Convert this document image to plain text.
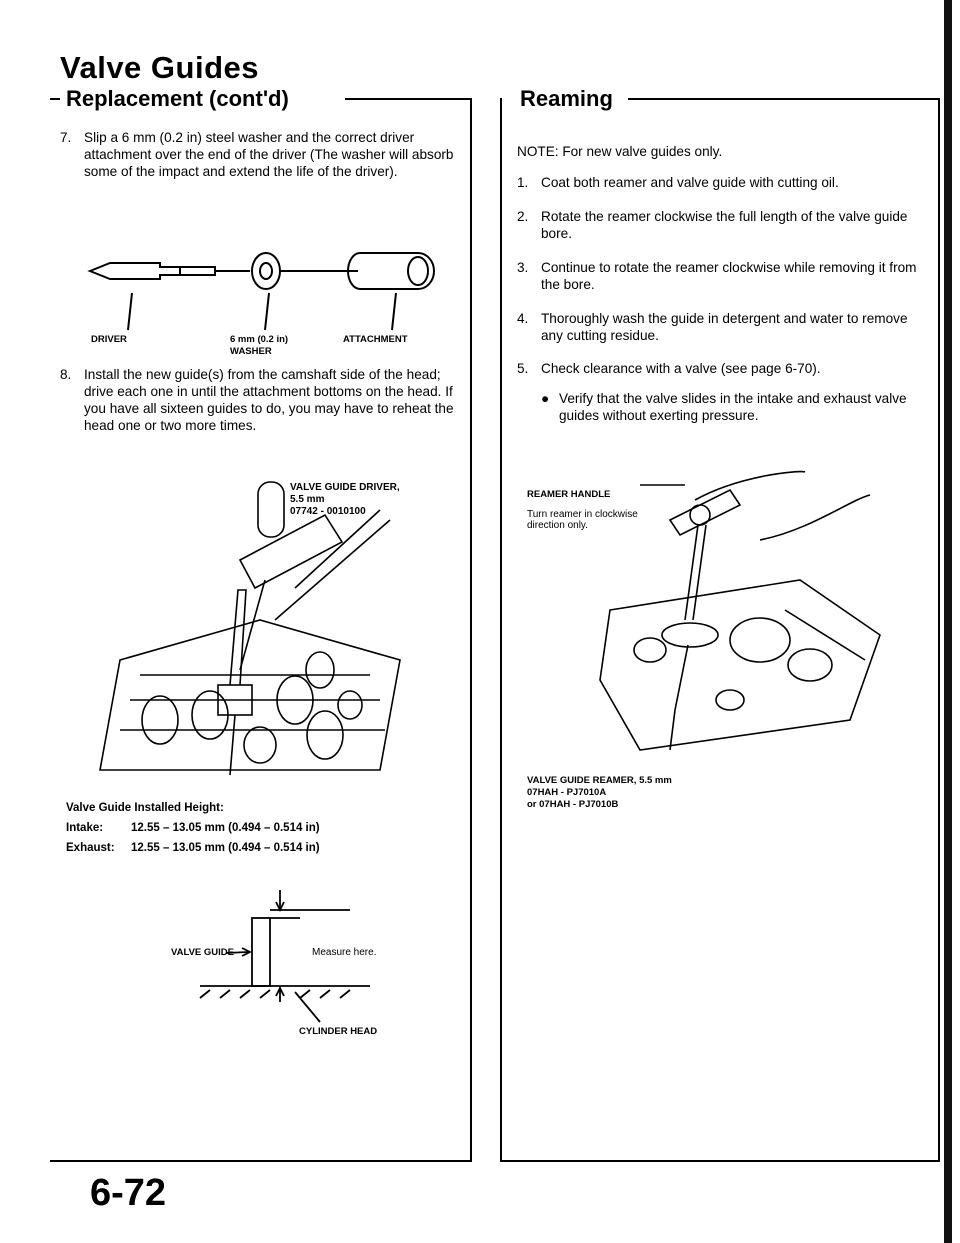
Valve Guides
Replacement (cont'd)
7. Slip a 6 mm (0.2 in) steel washer and the correct driver attachment over the end of the driver (The washer will absorb some of the impact and extend the life of the driver).
DRIVER	6 mm (0.2 in)
WASHER
ATTACHMENT
8. Install the new guide(s) from the camshaft side of the head; drive each one in until the attachment bottoms on the head. If you have all sixteen guides to do, you may have to reheat the head one or two more times.
VALVE GUIDE DRIVER,
5.5 mm
07742 - 0010100
Valve Guide Installed Height:
Intake: 12.55 – 13.05 mm (0.494 – 0.514 in)
Exhaust: 12.55 – 13.05 mm (0.494 – 0.514 in)
VALVE GUIDE	Measure here.
CYLINDER HEAD
Reaming
NOTE: For new valve guides only.
1. Coat both reamer and valve guide with cutting oil.
2. Rotate the reamer clockwise the full length of the valve guide bore.
3. Continue to rotate the reamer clockwise while removing it from the bore.
4. Thoroughly wash the guide in detergent and water to remove any cutting residue.
5. Check clearance with a valve (see page 6-70).
● Verify that the valve slides in the intake and exhaust valve guides without exerting pressure.
REAMER HANDLE
Turn reamer in clockwise direction only.
VALVE GUIDE REAMER, 5.5 mm
07HAH - PJ7010A
or 07HAH - PJ7010B
6-72
